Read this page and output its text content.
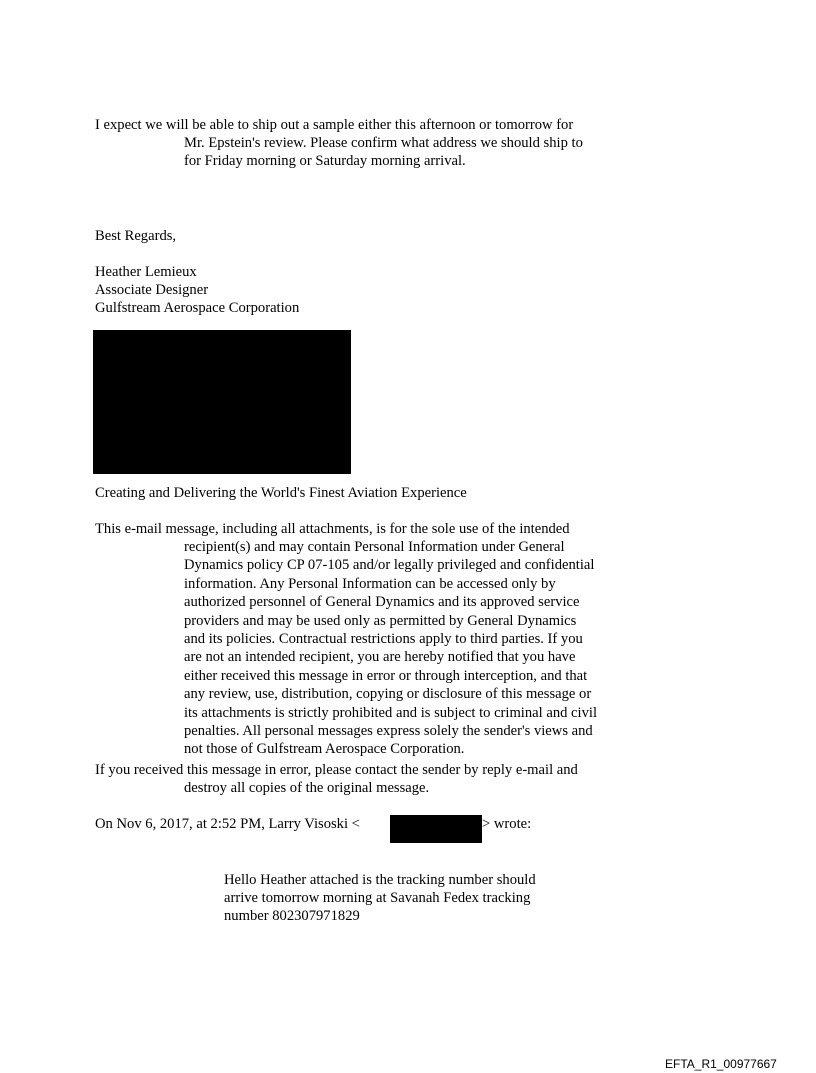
I expect we will be able to ship out a sample either this afternoon or tomorrow for

Mr. Epstein's review. Please confirm what address we should ship to

for Friday morning or Saturday morning arrival.

Best Regards,

Heather Lemieux

Associate Designer

Gulfstream Aerospace Corporation

Creating and Delivering the World's Finest Aviation Experience

This e-mail message, including all attachments, is for the sole use of the intended

recipient(s) and may contain Personal Information under General
Dynamics policy CP 07-105 and/or legally privileged and confidential
information. Any Personal Information can be accessed only by
authorized personnel of General Dynamics and its approved service
providers and may be used only as permitted by General Dynamics
and its policies. Contractual restrictions apply to third parties. If you
are not an intended recipient, you are hereby notified that you have
either received this message in error or through interception, and that
any review, use, distribution, copying or disclosure of this message or
its attachments is strictly prohibited and is subject to criminal and civil
penalties. All personal messages express solely the sender's views and
not those of Gulfstream Aerospace Corporation.

If you received this message in error, please contact the sender by reply e-mail and

destroy all copies of the original message.

On Nov 6, 2017, at 2:52 PM, Larry Visoski <	> wrote:

Hello Heather attached is the tracking number should

arrive tomorrow morning at Savanah Fedex tracking

number 802307971829

EFTA_R1_00977667
